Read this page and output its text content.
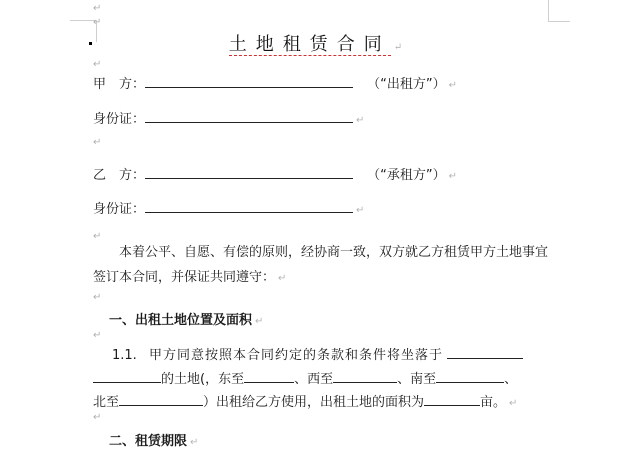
↵
↵
土地租赁合同 ↵
↵
甲　方：	（“出租方”） ↵
身份证：	↵
↵
乙　方：	（“承租方”） ↵
身份证：	↵
↵
本着公平、自愿、有偿的原则，经协商一致，双方就乙方租赁甲方土地事宜
签订本合同，并保证共同遵守： ↵
↵
一、出租土地位置及面积 ↵
↵
1.1. 甲方同意按照本合同约定的条款和条件将坐落于
的土地(，东至	、西至	、南至	、
北至	）出租给乙方使用，出租土地的面积为	亩。 ↵
↵
二、租赁期限 ↵
